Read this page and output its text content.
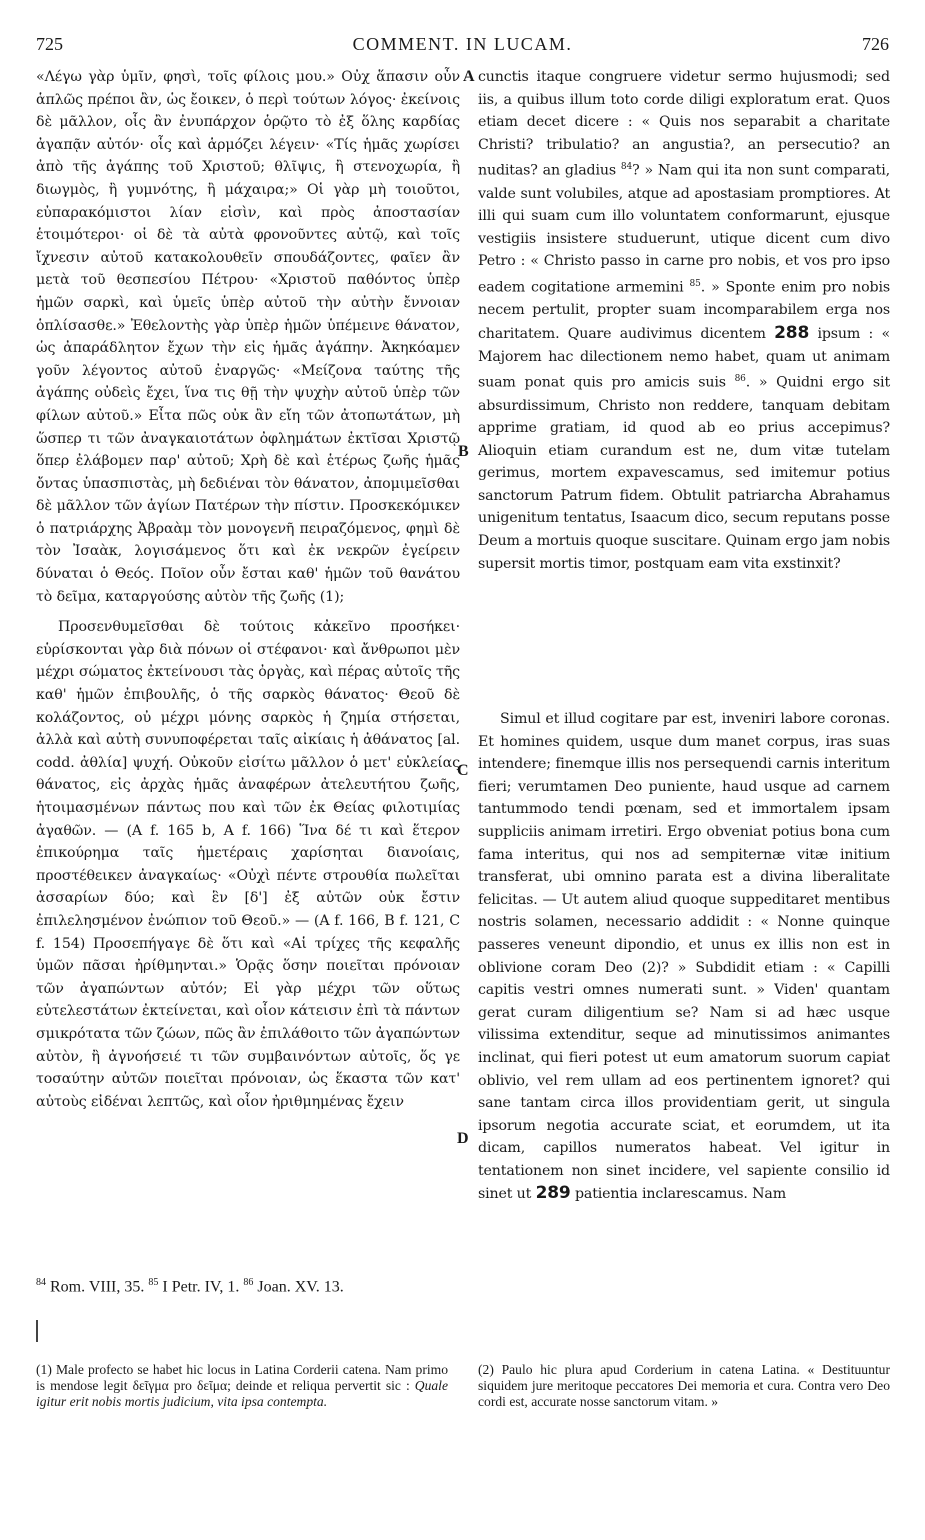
725	COMMENT. IN LUCAM.	726

«Λέγω γὰρ ὑμῖν, φησὶ, τοῖς φίλοις μου.» Οὐχ ἅπασιν οὖν ἁπλῶς πρέποι ἂν, ὡς ἔοικεν, ὁ περὶ τούτων λόγος· ἐκείνοις δὲ μᾶλλον, οἷς ἂν ἐνυπάρχον ὁρῷτο τὸ ἐξ ὅλης καρδίας ἀγαπᾷν αὐτόν· οἷς καὶ ἁρμόζει λέγειν· «Τίς ἡμᾶς χωρίσει ἀπὸ τῆς ἀγάπης τοῦ Χριστοῦ; θλῖψις, ἢ στενοχωρία, ἢ διωγμὸς, ἢ γυμνότης, ἢ μάχαιρα;» Οἱ γὰρ μὴ τοιοῦτοι, εὐπαρακόμιστοι λίαν εἰσὶν, καὶ πρὸς ἀποστασίαν ἑτοιμότεροι· οἱ δὲ τὰ αὐτὰ φρονοῦντες αὐτῷ, καὶ τοῖς ἴχνεσιν αὐτοῦ κατακολουθεῖν σπουδάζοντες, φαῖεν ἂν μετὰ τοῦ θεσπεσίου Πέτρου· «Χριστοῦ παθόντος ὑπὲρ ἡμῶν σαρκὶ, καὶ ὑμεῖς ὑπὲρ αὐτοῦ τὴν αὐτὴν ἔννοιαν ὁπλίσασθε.» Ἐθελοντὴς γὰρ ὑπὲρ ἡμῶν ὑπέμεινε θάνατον, ὡς ἀπαράδλητον ἔχων τὴν εἰς ἡμᾶς ἀγάπην. Ἀκηκόαμεν γοῦν λέγοντος αὐτοῦ ἐναργῶς· «Μείζονα ταύτης τῆς ἀγάπης οὐδεὶς ἔχει, ἵνα τις θῇ τὴν ψυχὴν αὐτοῦ ὑπὲρ τῶν φίλων αὐτοῦ.» Εἶτα πῶς οὐκ ἂν εἴη τῶν ἀτοπωτάτων, μὴ ὥσπερ τι τῶν ἀναγκαιοτάτων ὀφλημάτων ἐκτῖσαι Χριστῷ ὅπερ ἐλάβομεν παρ' αὐτοῦ; Χρὴ δὲ καὶ ἑτέρως ζωῆς ἡμᾶς ὄντας ὑπασπιστὰς, μὴ δεδιέναι τὸν θάνατον, ἀπομιμεῖσθαι δὲ μᾶλλον τῶν ἁγίων Πατέρων τὴν πίστιν. Προσκεκόμικεν ὁ πατριάρχης Ἀβραὰμ τὸν μονογενῆ πειραζόμενος, φημὶ δὲ τὸν Ἰσαὰκ, λογισάμενος ὅτι καὶ ἐκ νεκρῶν ἐγείρειν δύναται ὁ Θεός. Ποῖον οὖν ἔσται καθ' ἡμῶν τοῦ θανάτου τὸ δεῖμα, καταργούσης αὐτὸν τῆς ζωῆς (1);

Προσενθυμεῖσθαι δὲ τούτοις κἀκεῖνο προσήκει· εὑρίσκονται γὰρ διὰ πόνων οἱ στέφανοι· καὶ ἄνθρωποι μὲν μέχρι σώματος ἐκτείνουσι τὰς ὀργὰς, καὶ πέρας αὐτοῖς τῆς καθ' ἡμῶν ἐπιβουλῆς, ὁ τῆς σαρκὸς θάνατος· Θεοῦ δὲ κολάζοντος, οὐ μέχρι μόνης σαρκὸς ἡ ζημία στήσεται, ἀλλὰ καὶ αὐτὴ συνυποφέρεται ταῖς αἰκίαις ἡ ἀθάνατος [al. codd. ἀθλία] ψυχή. Οὐκοῦν εἰσίτω μᾶλλον ὁ μετ' εὐκλείας θάνατος, εἰς ἀρχὰς ἡμᾶς ἀναφέρων ἀτελευτήτου ζωῆς, ἡτοιμασμένων πάντως που καὶ τῶν ἐκ Θείας φιλοτιμίας ἀγαθῶν. — (A f. 165 b, A f. 166) Ἵνα δέ τι καὶ ἕτερον ἐπικούρημα ταῖς ἡμετέραις χαρίσηται διανοίαις, προστέθεικεν ἀναγκαίως· «Οὐχὶ πέντε στρουθία πωλεῖται ἀσσαρίων δύο; καὶ ἓν [δ'] ἐξ αὐτῶν οὐκ ἔστιν ἐπιλελησμένον ἐνώπιον τοῦ Θεοῦ.» — (A f. 166, B f. 121, C f. 154) Προσεπήγαγε δὲ ὅτι καὶ «Αἱ τρίχες τῆς κεφαλῆς ὑμῶν πᾶσαι ἠρίθμηνται.» Ὁρᾷς ὅσην ποιεῖται πρόνοιαν τῶν ἀγαπώντων αὐτόν; Εἰ γὰρ μέχρι τῶν οὕτως εὐτελεστάτων ἐκτείνεται, καὶ οἷον κάτεισιν ἐπὶ τὰ πάντων σμικρότατα τῶν ζώων, πῶς ἂν ἐπιλάθοιτο τῶν ἀγαπώντων αὐτὸν, ἢ ἀγνοήσειέ τι τῶν συμβαινόντων αὐτοῖς, ὅς γε τοσαύτην αὐτῶν ποιεῖται πρόνοιαν, ὡς ἕκαστα τῶν κατ' αὐτοὺς εἰδέναι λεπτῶς, καὶ οἷον ἠριθμημένας ἔχειν

A
B
C
D

cunctis itaque congruere videtur sermo hujusmodi; sed iis, a quibus illum toto corde diligi exploratum erat. Quos etiam decet dicere : « Quis nos separabit a charitate Christi? tribulatio? an angustia?, an persecutio? an nuditas? an gladius $^{84}$? » Nam qui ita non sunt comparati, valde sunt volubiles, atque ad apostasiam promptiores. At illi qui suam cum illo voluntatem conformarunt, ejusque vestigiis insistere studuerunt, utique dicent cum divo Petro : « Christo passo in carne pro nobis, et vos pro ipso eadem cogitatione armemini $^{85}$. » Sponte enim pro nobis necem pertulit, propter suam incomparabilem erga nos charitatem. Quare audivimus dicentem 288 ipsum : « Majorem hac dilectionem nemo habet, quam ut animam suam ponat quis pro amicis suis $^{86}$. » Quidni ergo sit absurdissimum, Christo non reddere, tanquam debitam apprime gratiam, id quod ab eo prius accepimus? Alioquin etiam curandum est ne, dum vitæ tutelam gerimus, mortem expavescamus, sed imitemur potius sanctorum Patrum fidem. Obtulit patriarcha Abrahamus unigenitum tentatus, Isaacum dico, secum reputans posse Deum a mortuis quoque suscitare. Quinam ergo jam nobis supersit mortis timor, postquam eam vita exstinxit?

Simul et illud cogitare par est, inveniri labore coronas. Et homines quidem, usque dum manet corpus, iras suas intendere; finemque illis nos persequendi carnis interitum fieri; verumtamen Deo puniente, haud usque ad carnem tantummodo tendi pœnam, sed et immortalem ipsam suppliciis animam irretiri. Ergo obveniat potius bona cum fama interitus, qui nos ad sempiternæ vitæ initium transferat, ubi omnino parata est a divina liberalitate felicitas. — Ut autem aliud quoque suppeditaret mentibus nostris solamen, necessario addidit : « Nonne quinque passeres veneunt dipondio, et unus ex illis non est in oblivione coram Deo (2)? » Subdidit etiam : « Capilli capitis vestri omnes numerati sunt. » Viden' quantam gerat curam diligentium se? Nam si ad hæc usque vilissima extenditur, seque ad minutissimos animantes inclinat, qui fieri potest ut eum amatorum suorum capiat oblivio, vel rem ullam ad eos pertinentem ignoret? qui sane tantam circa illos providentiam gerit, ut singula ipsorum negotia accurate sciat, et eorumdem, ut ita dicam, capillos numeratos habeat. Vel igitur in tentationem non sinet incidere, vel sapiente consilio id sinet ut 289 patientia inclarescamus. Nam

$^{84}$ Rom. VIII, 35. $^{85}$ I Petr. IV, 1. $^{86}$ Joan. XV. 13.
(1) Male profecto se habet hic locus in Latina Corderii catena. Nam primo is mendose legit δεῖγμα pro δεῖμα; deinde et reliqua pervertit sic : Quale igitur erit nobis mortis judicium, vita ipsa contempta.
(2) Paulo hic plura apud Corderium in catena Latina. « Destituuntur siquidem jure meritoque peccatores Dei memoria et cura. Contra vero Deo cordi est, accurate nosse sanctorum vitam. »
